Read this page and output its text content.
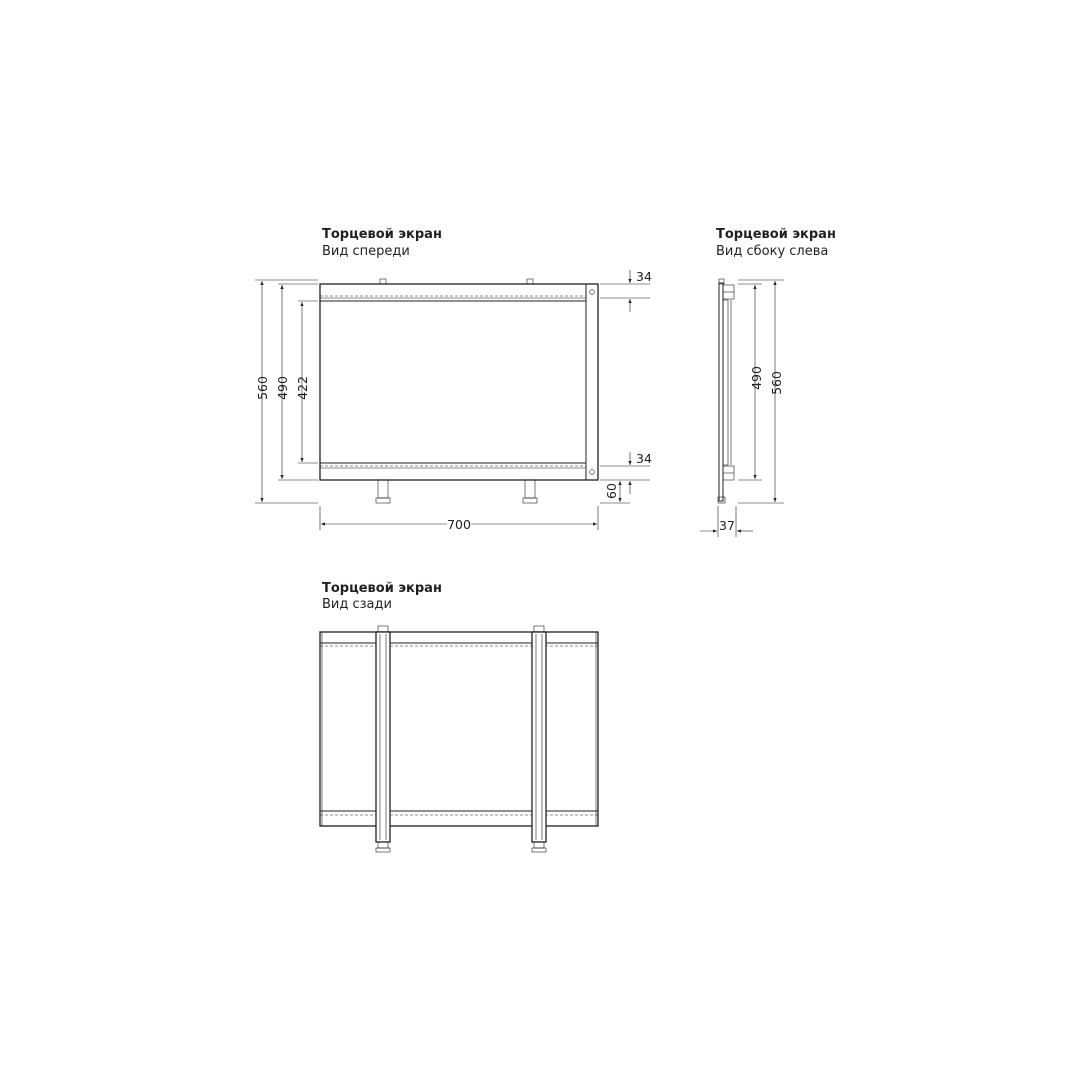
Торцевой экран
Вид спереди
560 490 422
34
34
60
700
Торцевой экран
Вид сбоку слева
490 560
37
Торцевой экран
Вид сзади
